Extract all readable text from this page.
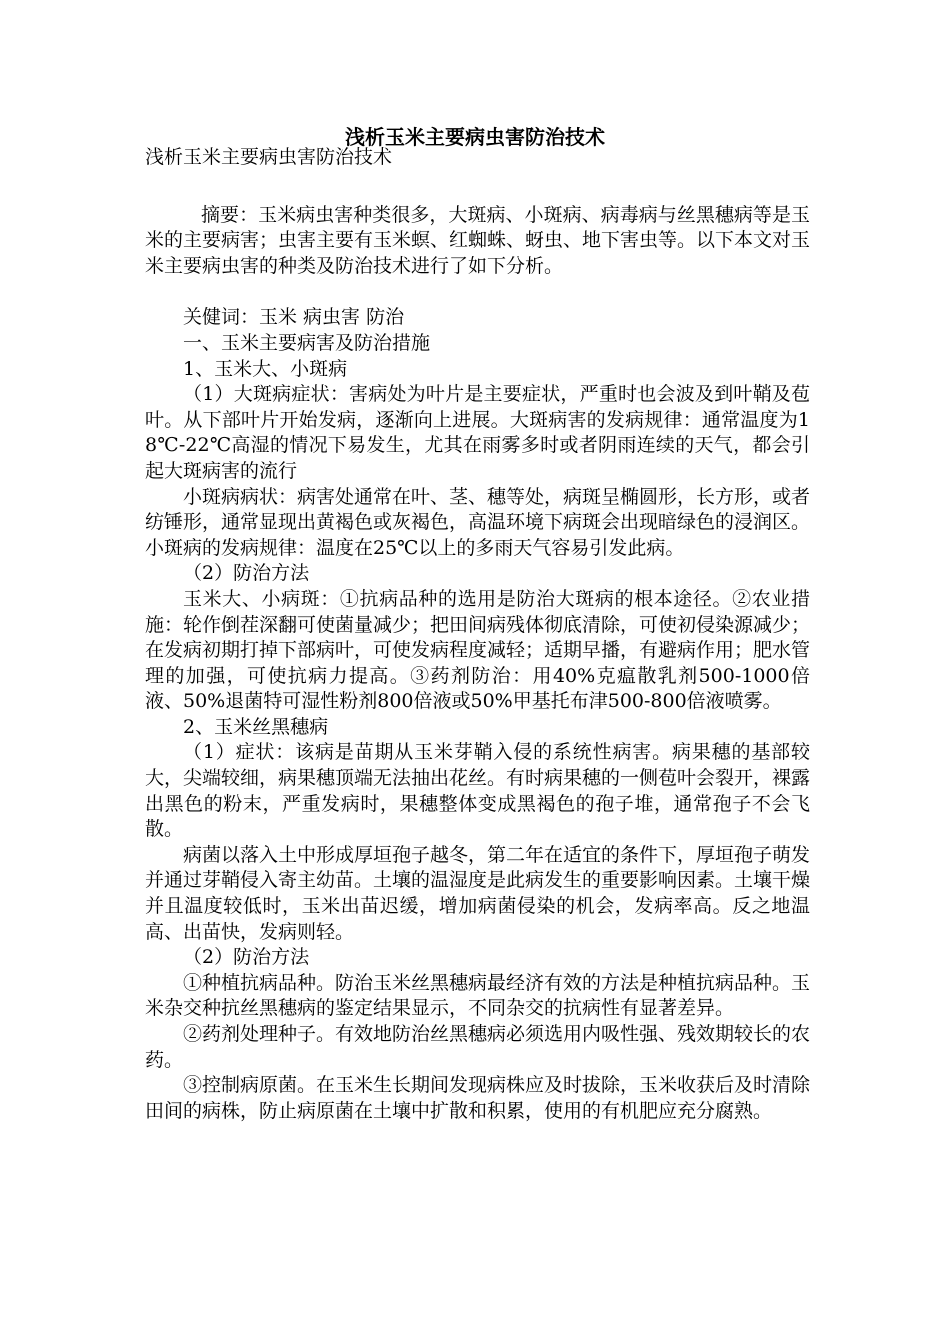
浅析玉米主要病虫害防治技术

浅析玉米主要病虫害防治技术

摘要：玉米病虫害种类很多，大斑病、小斑病、病毒病与丝黑穗病等是玉米的主要病害；虫害主要有玉米螟、红蜘蛛、蚜虫、地下害虫等。以下本文对玉米主要病虫害的种类及防治技术进行了如下分析。

关健词：玉米 病虫害 防治

一、玉米主要病害及防治措施

1、玉米大、小斑病

（1）大斑病症状：害病处为叶片是主要症状，严重时也会波及到叶鞘及苞叶。从下部叶片开始发病，逐渐向上进展。大斑病害的发病规律：通常温度为18℃-22℃高湿的情况下易发生，尤其在雨雾多时或者阴雨连续的天气，都会引起大斑病害的流行

小斑病病状：病害处通常在叶、茎、穗等处，病斑呈椭圆形，长方形，或者纺锤形，通常显现出黄褐色或灰褐色，高温环境下病斑会出现暗绿色的浸润区。小斑病的发病规律：温度在25℃以上的多雨天气容易引发此病。

（2）防治方法

玉米大、小病斑：①抗病品种的选用是防治大斑病的根本途径。②农业措施：轮作倒茬深翻可使菌量减少；把田间病残体彻底清除，可使初侵染源减少；在发病初期打掉下部病叶，可使发病程度减轻；适期早播，有避病作用；肥水管理的加强，可使抗病力提高。③药剂防治：用40%克瘟散乳剂500-1000倍液、50%退菌特可湿性粉剂800倍液或50%甲基托布津500-800倍液喷雾。

2、玉米丝黑穗病

（1）症状：该病是苗期从玉米芽鞘入侵的系统性病害。病果穗的基部较大，尖端较细，病果穗顶端无法抽出花丝。有时病果穗的一侧苞叶会裂开，裸露出黑色的粉末，严重发病时，果穗整体变成黑褐色的孢子堆，通常孢子不会飞散。

病菌以落入土中形成厚垣孢子越冬，第二年在适宜的条件下，厚垣孢子萌发并通过芽鞘侵入寄主幼苗。土壤的温湿度是此病发生的重要影响因素。土壤干燥并且温度较低时，玉米出苗迟缓，增加病菌侵染的机会，发病率高。反之地温高、出苗快，发病则轻。

（2）防治方法

①种植抗病品种。防治玉米丝黑穗病最经济有效的方法是种植抗病品种。玉米杂交种抗丝黑穗病的鉴定结果显示，不同杂交的抗病性有显著差异。

②药剂处理种子。有效地防治丝黑穗病必须选用内吸性强、残效期较长的农药。

③控制病原菌。在玉米生长期间发现病株应及时拔除，玉米收获后及时清除田间的病株，防止病原菌在土壤中扩散和积累，使用的有机肥应充分腐熟。
